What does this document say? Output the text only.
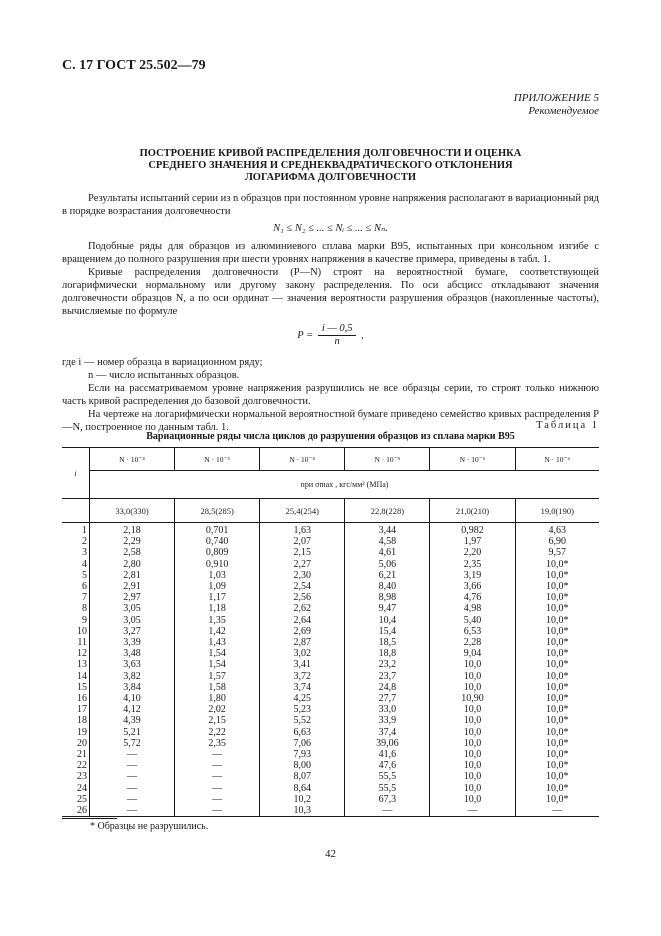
С. 17 ГОСТ 25.502—79
ПРИЛОЖЕНИЕ 5
Рекомендуемое
ПОСТРОЕНИЕ КРИВОЙ РАСПРЕДЕЛЕНИЯ ДОЛГОВЕЧНОСТИ И ОЦЕНКА
СРЕДНЕГО ЗНАЧЕНИЯ И СРЕДНЕКВАДРАТИЧЕСКОГО ОТКЛОНЕНИЯ
ЛОГАРИФМА ДОЛГОВЕЧНОСТИ

Результаты испытаний серии из n образцов при постоянном уровне напряжения располагают в вариационный ряд в порядке возрастания долговечности

N₁ ≤ N₂ ≤ ... ≤ Nᵢ ≤ ... ≤ Nₙ.

Подобные ряды для образцов из алюминиевого сплава марки В95, испытанных при консольном изгибе с вращением до полного разрушения при шести уровнях напряжения в качестве примера, приведены в табл. 1.

Кривые распределения долговечности (P—N) строят на вероятностной бумаге, соответствующей логарифмически нормальному или другому закону распределения. По оси абсцисс откладывают значения долговечности образцов N, а по оси ординат — значения вероятности разрушения образцов (накопленные частоты), вычисляемые по формуле

$P = \frac{i — 0,5}{n}$ ,

где i — номер образца в вариационном ряду;

n — число испытанных образцов.

Если на рассматриваемом уровне напряжения разрушились не все образцы серии, то строят только нижнюю часть кривой распределения до базовой долговечности.

На чертеже на логарифмически нормальной вероятностной бумаге приведено семейство кривых распределения P—N, построенное по данным табл. 1.	Таблица 1
Вариационные ряды числа циклов до разрушения образцов из сплава марки В95
i	N · 10⁻⁴	N · 10⁻⁵	N · 10⁻⁵	N · 10⁻⁵	N · 10⁻⁶	N · 10⁻⁶
	при σmax , кгс/мм² (МПа)					
	33,0(330)	28,5(285)	25,4(254)	22,8(228)	21,0(210)	19,0(190)
1	2,18	0,701	1,63	3,44	0,982	4,63
2	2,29	0,740	2,07	4,58	1,97	6,90
3	2,58	0,809	2,15	4,61	2,20	9,57
4	2,80	0,910	2,27	5,06	2,35	10,0*
5	2,81	1,03	2,30	6,21	3,19	10,0*
6	2,91	1,09	2,54	8,40	3,66	10,0*
7	2,97	1,17	2,56	8,98	4,76	10,0*
8	3,05	1,18	2,62	9,47	4,98	10,0*
9	3,05	1,35	2,64	10,4	5,40	10,0*
10	3,27	1,42	2,69	15,4	6,53	10,0*
11	3,39	1,43	2,87	18,5	2,28	10,0*
12	3,48	1,54	3,02	18,8	9,04	10,0*
13	3,63	1,54	3,41	23,2	10,0	10,0*
14	3,82	1,57	3,72	23,7	10,0	10,0*
15	3,84	1,58	3,74	24,8	10,0	10,0*
16	4,10	1,80	4,25	27,7	10,90	10,0*
17	4,12	2,02	5,23	33,0	10,0	10,0*
18	4,39	2,15	5,52	33,9	10,0	10,0*
19	5,21	2,22	6,63	37,4	10,0	10,0*
20	5,72	2,35	7,06	39,06	10,0	10,0*
21	—	—	7,93	41,6	10,0	10,0*
22	—	—	8,00	47,6	10,0	10,0*
23	—	—	8,07	55,5	10,0	10,0*
24	—	—	8,64	55,5	10,0	10,0*
25	—	—	10,2	67,3	10,0	10,0*
26	—	—	10,3	—	—	—
* Образцы не разрушились.
42
